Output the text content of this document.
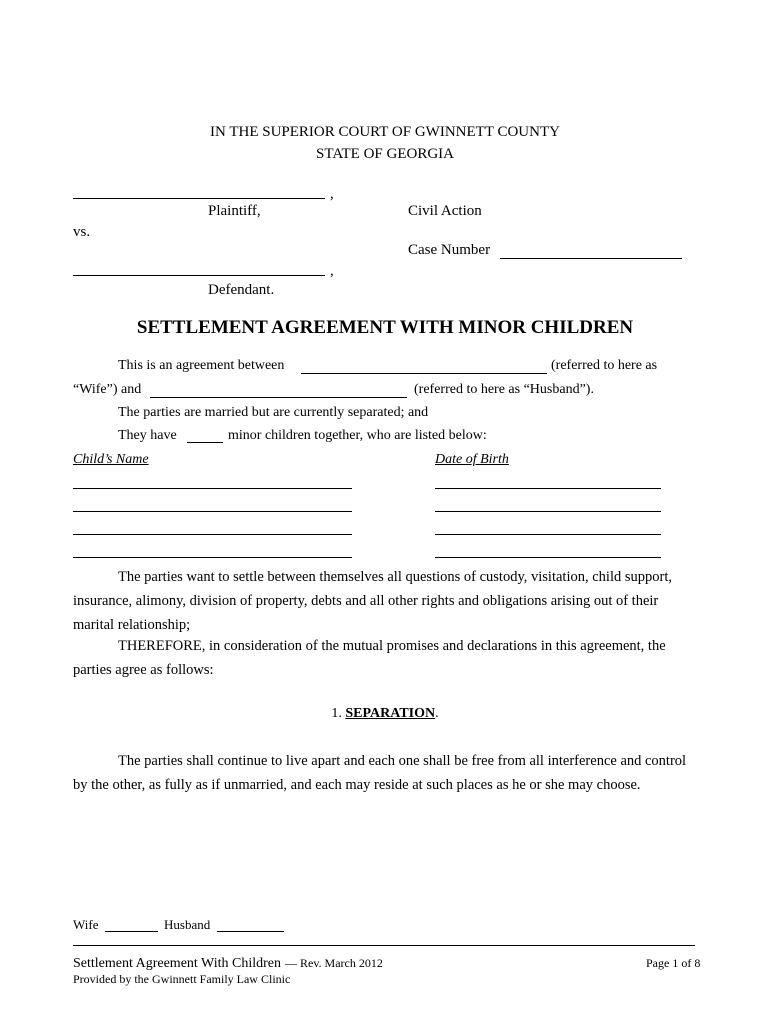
IN THE SUPERIOR COURT OF GWINNETT COUNTY
STATE OF GEORGIA
,
Plaintiff,	Civil Action
vs.
Case Number
,
Defendant.
SETTLEMENT AGREEMENT WITH MINOR CHILDREN
This is an agreement between	(referred to here as
“Wife”) and	(referred to here as “Husband”).
The parties are married but are currently separated; and
They have	minor children together, who are listed below:
Child’s Name	Date of Birth
The parties want to settle between themselves all questions of custody, visitation, child support, insurance, alimony, division of property, debts and all other rights and obligations arising out of their marital relationship;
THEREFORE, in consideration of the mutual promises and declarations in this agreement, the parties agree as follows:
1. SEPARATION.
The parties shall continue to live apart and each one shall be free from all interference and control by the other, as fully as if unmarried, and each may reside at such places as he or she may choose.
Wife	Husband
Settlement Agreement With Children — Rev. March 2012
Provided by the Gwinnett Family Law Clinic
Page 1 of 8
